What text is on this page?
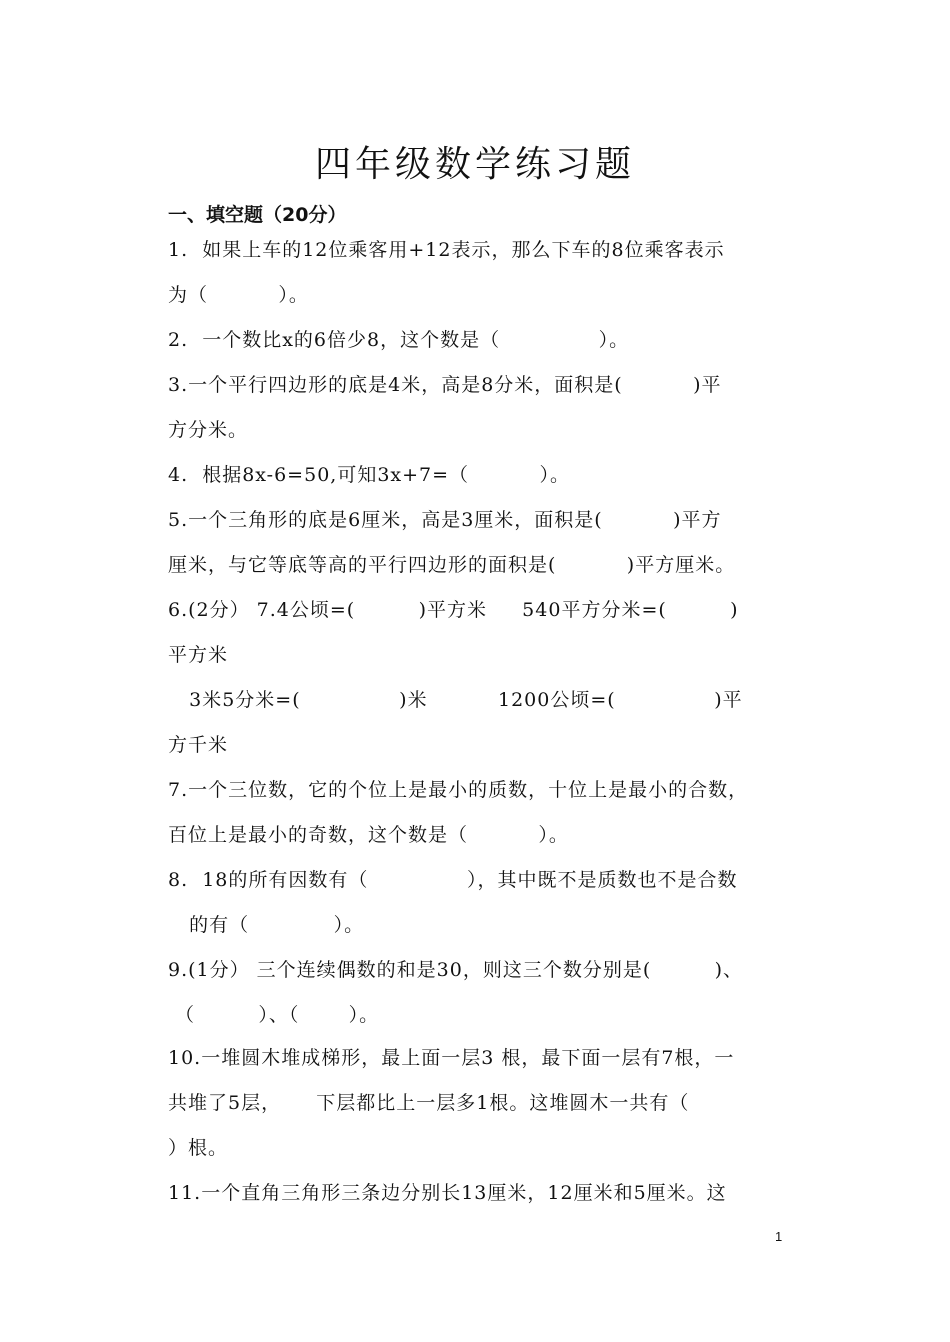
四年级数学练习题
一、填空题（20分）
1.  如果上车的12位乘客用+12表示，那么下车的8位乘客表示
为（          ）。
2.  一个数比x的6倍少8，这个数是（              ）。
3.一个平行四边形的底是4米，高是8分米，面积是(          )平
方分米。
4.  根据8x-6=50,可知3x+7=（          ）。
5.一个三角形的底是6厘米，高是3厘米，面积是(          )平方
厘米，与它等底等高的平行四边形的面积是(          )平方厘米。
6.(2分） 7.4公顷=(         )平方米     540平方分米=(         )
平方米
3米5分米=(              )米          1200公顷=(              )平
方千米
7.一个三位数，它的个位上是最小的质数，十位上是最小的合数，
百位上是最小的奇数，这个数是（          ）。
8.  18的所有因数有（              ），其中既不是质数也不是合数
的有（            ）。
9.(1分） 三个连续偶数的和是30，则这三个数分别是(         )、
（         ）、（       ）。
10.一堆圆木堆成梯形，最上面一层3 根，最下面一层有7根，一
共堆了5层，     下层都比上一层多1根。这堆圆木一共有（
）根。
11.一个直角三角形三条边分别长13厘米，12厘米和5厘米。这
1
